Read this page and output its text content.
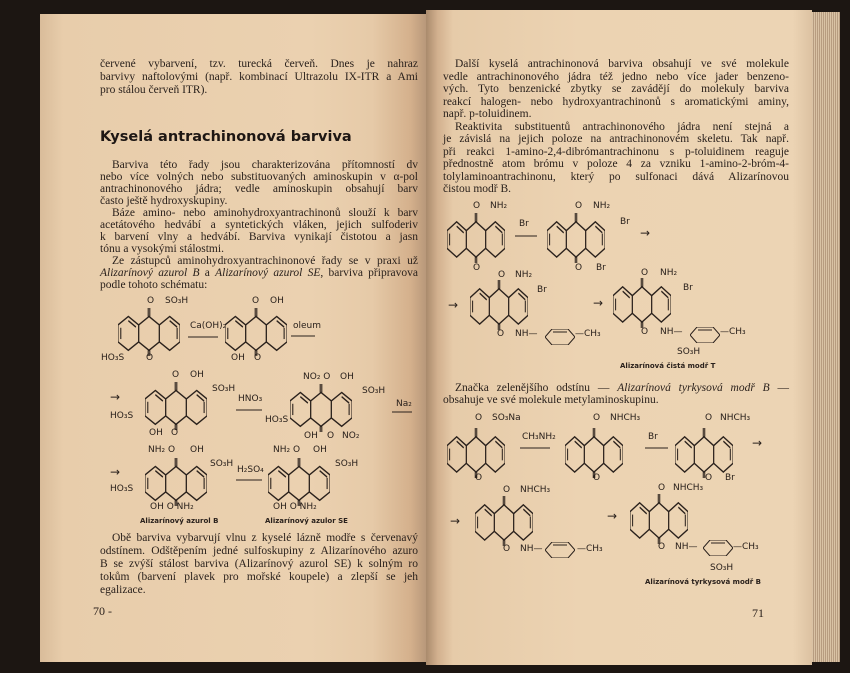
červené vybarvení, tzv. turecká červeň. Dnes je nahraz
barvivy naftolovými (např. kombinací Ultrazolu IX-ITR a Ami
pro stálou červeň ITR).
Kyselá antrachinonová barviva
Barviva této řady jsou charakterizována přítomností dv
nebo více volných nebo substituovaných aminoskupin v α-pol
antrachinonového jádra; vedle aminoskupin obsahují barv
často ještě hydroxyskupiny.
Báze amino- nebo aminohydroxyantrachinonů slouží k barv
acetátového hedvábí a syntetických vláken, jejich sulfoderiv
k barvení vlny a hedvábí. Barviva vynikají čistotou a jasn
tónu a vysokými stálostmi.
Ze zástupců aminohydroxyantrachinonové řady se v praxi už
Alizarínový azurol B a Alizarínový azurol SE, barviva připravova
podle tohoto schématu:
Obě barviva vybarvují vlnu z kyselé lázně modře s červenavý
odstínem. Odštěpením jedné sulfoskupiny z Alizarínového azuro
B se zvýší stálost barviva (Alizarínový azurol SE) k solným ro
tokům (barvení plavek pro mořské koupele) a zlepší se jeh
egalizace.
70 -
Další kyselá antrachinonová barviva obsahují ve své molekule
vedle antrachinonového jádra též jedno nebo více jader benzeno-
vých. Tyto benzenické zbytky se zavádějí do molekuly barviva
reakcí halogen- nebo hydroxyantrachinonů s aromatickými aminy,
např. p-toluidinem.
Reaktivita substituentů antrachinonového jádra není stejná a
je závislá na jejich poloze na antrachinonovém skeletu. Tak např.
při reakci 1-amino-2,4-dibrómantrachinonu s p-toluidinem reaguje
přednostně atom brómu v poloze 4 za vzniku 1-amino-2-bróm-4-
tolylaminoantrachinonu, který po sulfonaci dává Alizarínovou
čistou modř B.
Značka zelenějšího odstínu — Alizarínová tyrkysová modř B —
obsahuje ve své molekule metylaminoskupinu.
71
O SO₃H
HO₃S O
Ca(OH)₂
O OH
OH O
oleum
→
O OH
SO₃H
HO₃S
OH O
HNO₃
NO₂ O OH
SO₃H
HO₃S
OH O NO₂
Na₂
→
NH₂ O OH
SO₃H
HO₃S
OH O NH₂
Alizarínový azurol B
H₂SO₄
NH₂ O OH
SO₃H
OH O NH₂
Alizarínový azulor SE
O NH₂
Br
O
O NH₂
Br
O Br
→
→
O NH₂
Br
O NH—	—CH₃
→
O NH₂
Br
O NH—	—CH₃
SO₃H
Alizarínová čistá modř T
O SO₃Na
O
CH₃NH₂
O NHCH₃
O
Br
O NHCH₃
O Br
→
→
O NHCH₃
O NH—	—CH₃
→
O NHCH₃
O NH—	—CH₃
SO₃H
Alizarínová tyrkysová modř B
